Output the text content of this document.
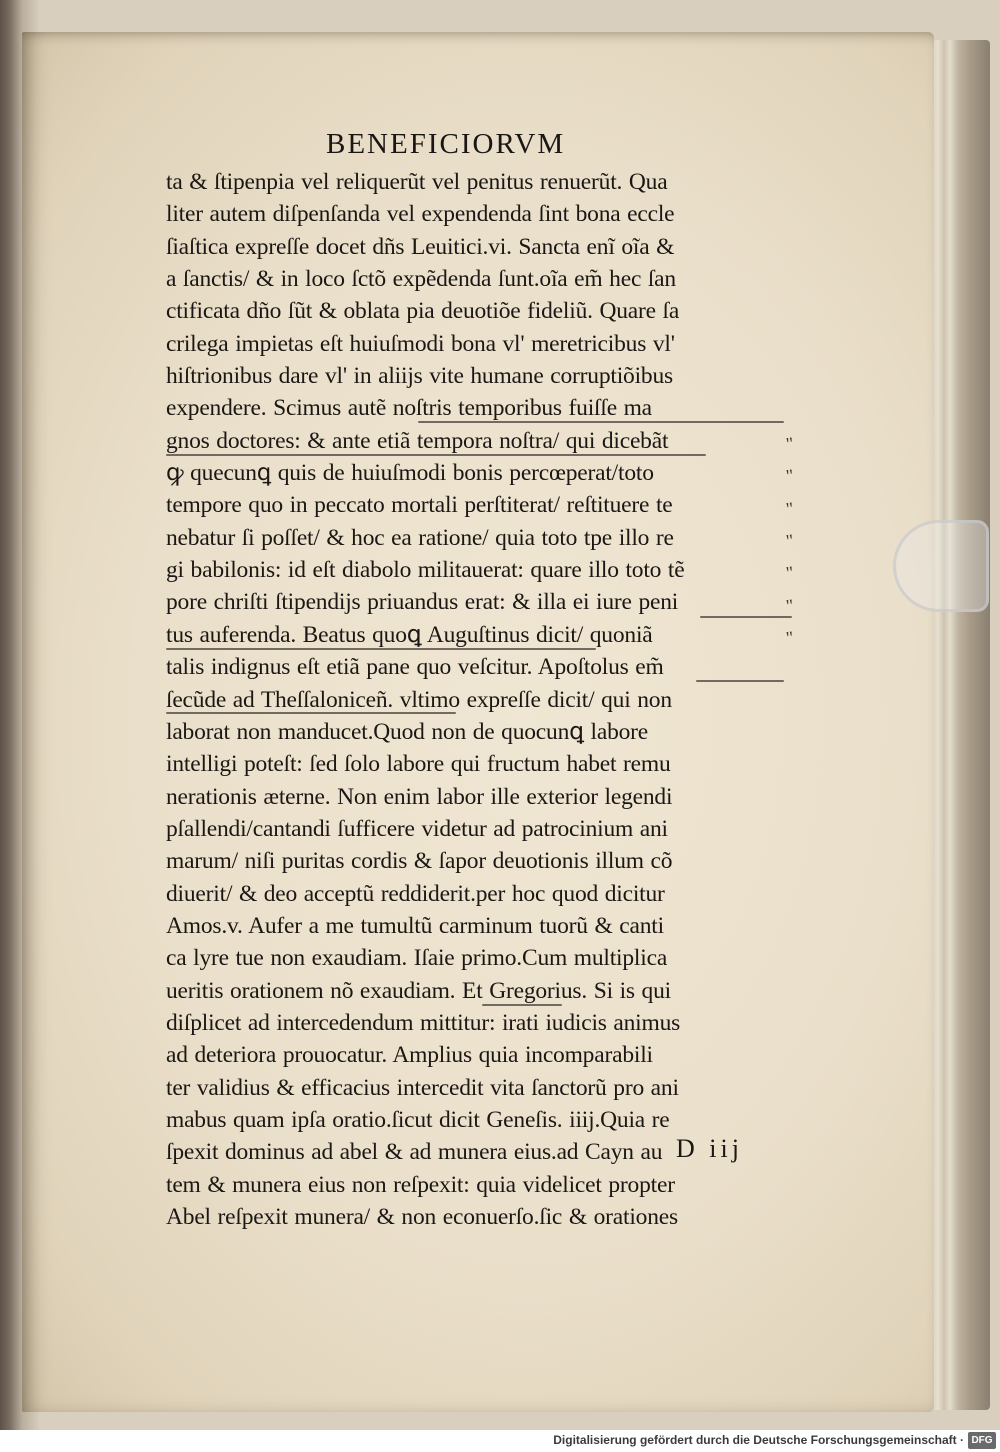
BENEFICIORVM
ta & ſtipenpia vel reliquerũt vel penitus renuerũt. Qua
liter autem diſpenſanda vel expendenda ſint bona eccle
ſiaſtica expreſſe docet dñs Leuitici.vi. Sancta enĩ oĩa &
a ſanctis/ & in loco ſctõ expẽdenda ſunt.oĩa em̃ hec ſan
ctificata dño ſũt & oblata pia deuotiõe fideliũ. Quare ſa
crilega impietas eſt huiuſmodi bona vl' meretricibus vl'
hiſtrionibus dare vl' in aliijs vite humane corruptiõibus
expendere. Scimus autẽ noſtris temporibus fuiſſe ma
gnos doctores: & ante etiã tempora noſtra/ qui dicebãt
ꝙ quecunꝗ quis de huiuſmodi bonis percœperat/toto
tempore quo in peccato mortali perſtiterat/ reſtituere te
nebatur ſi poſſet/ & hoc ea ratione/ quia toto tpe illo re
gi babilonis: id eſt diabolo militauerat: quare illo toto tẽ
pore chriſti ſtipendijs priuandus erat: & illa ei iure peni
tus auferenda. Beatus quoꝗ Auguſtinus dicit/ quoniã
talis indignus eſt etiã pane quo veſcitur. Apoſtolus em̃
ſecũde ad Theſſaloniceñ. vltimo expreſſe dicit/ qui non
laborat non manducet.Quod non de quocunꝗ labore
intelligi poteſt: ſed ſolo labore qui fructum habet remu
nerationis æterne. Non enim labor ille exterior legendi
pſallendi/cantandi ſufficere videtur ad patrocinium ani
marum/ niſi puritas cordis & ſapor deuotionis illum cõ
diuerit/ & deo acceptũ reddiderit.per hoc quod dicitur
Amos.v. Aufer a me tumultũ carminum tuorũ & canti
ca lyre tue non exaudiam. Iſaie primo.Cum multiplica
ueritis orationem nõ exaudiam. Et Gregorius. Si is qui
diſplicet ad intercedendum mittitur: irati iudicis animus
ad deteriora prouocatur. Amplius quia incomparabili
ter validius & efficacius intercedit vita ſanctorũ pro ani
mabus quam ipſa oratio.ſicut dicit Geneſis. iiij.Quia re
ſpexit dominus ad abel & ad munera eius.ad Cayn au
tem & munera eius non reſpexit: quia videlicet propter
Abel reſpexit munera/ & non econuerſo.ſic & orationes
"
"
"
"
"
"
"
D iij
Digitalisierung gefördert durch die Deutsche Forschungsgemeinschaft · DFG
